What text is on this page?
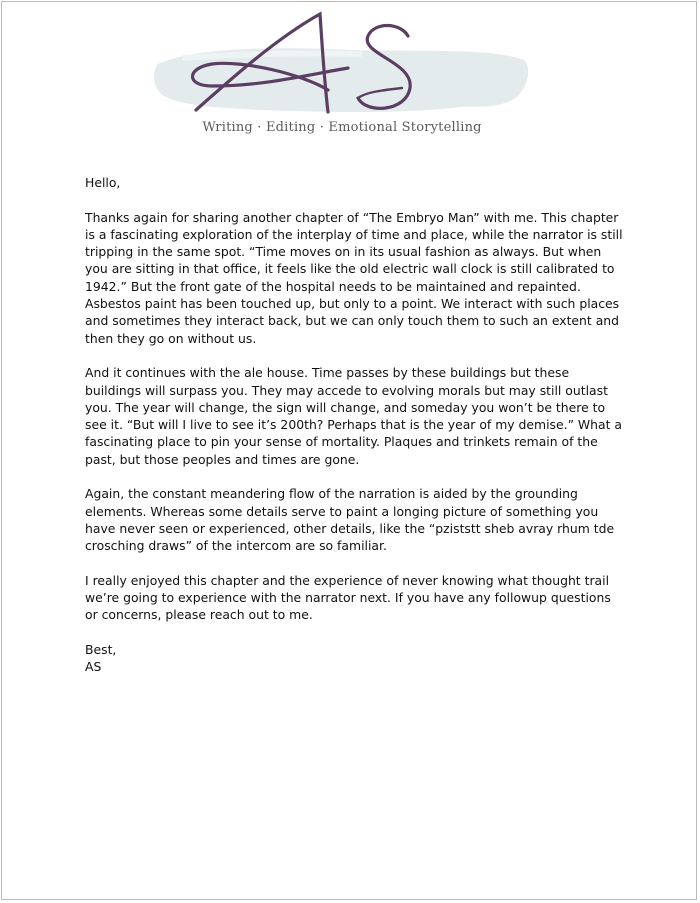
Writing · Editing · Emotional Storytelling

Hello,

Thanks again for sharing another chapter of “The Embryo Man” with me. This chapter is a fascinating exploration of the interplay of time and place, while the narrator is still tripping in the same spot. “Time moves on in its usual fashion as always. But when you are sitting in that office, it feels like the old electric wall clock is still calibrated to 1942.” But the front gate of the hospital needs to be maintained and repainted. Asbestos paint has been touched up, but only to a point. We interact with such places and sometimes they interact back, but we can only touch them to such an extent and then they go on without us.

And it continues with the ale house. Time passes by these buildings but these buildings will surpass you. They may accede to evolving morals but may still outlast you. The year will change, the sign will change, and someday you won’t be there to see it. “But will I live to see it’s 200th? Perhaps that is the year of my demise.” What a fascinating place to pin your sense of mortality. Plaques and trinkets remain of the past, but those peoples and times are gone.

Again, the constant meandering flow of the narration is aided by the grounding elements. Whereas some details serve to paint a longing picture of something you have never seen or experienced, other details, like the “pziststt sheb avray rhum tde crosching draws” of the intercom are so familiar.

I really enjoyed this chapter and the experience of never knowing what thought trail we’re going to experience with the narrator next. If you have any followup questions or concerns, please reach out to me.

Best,

AS
